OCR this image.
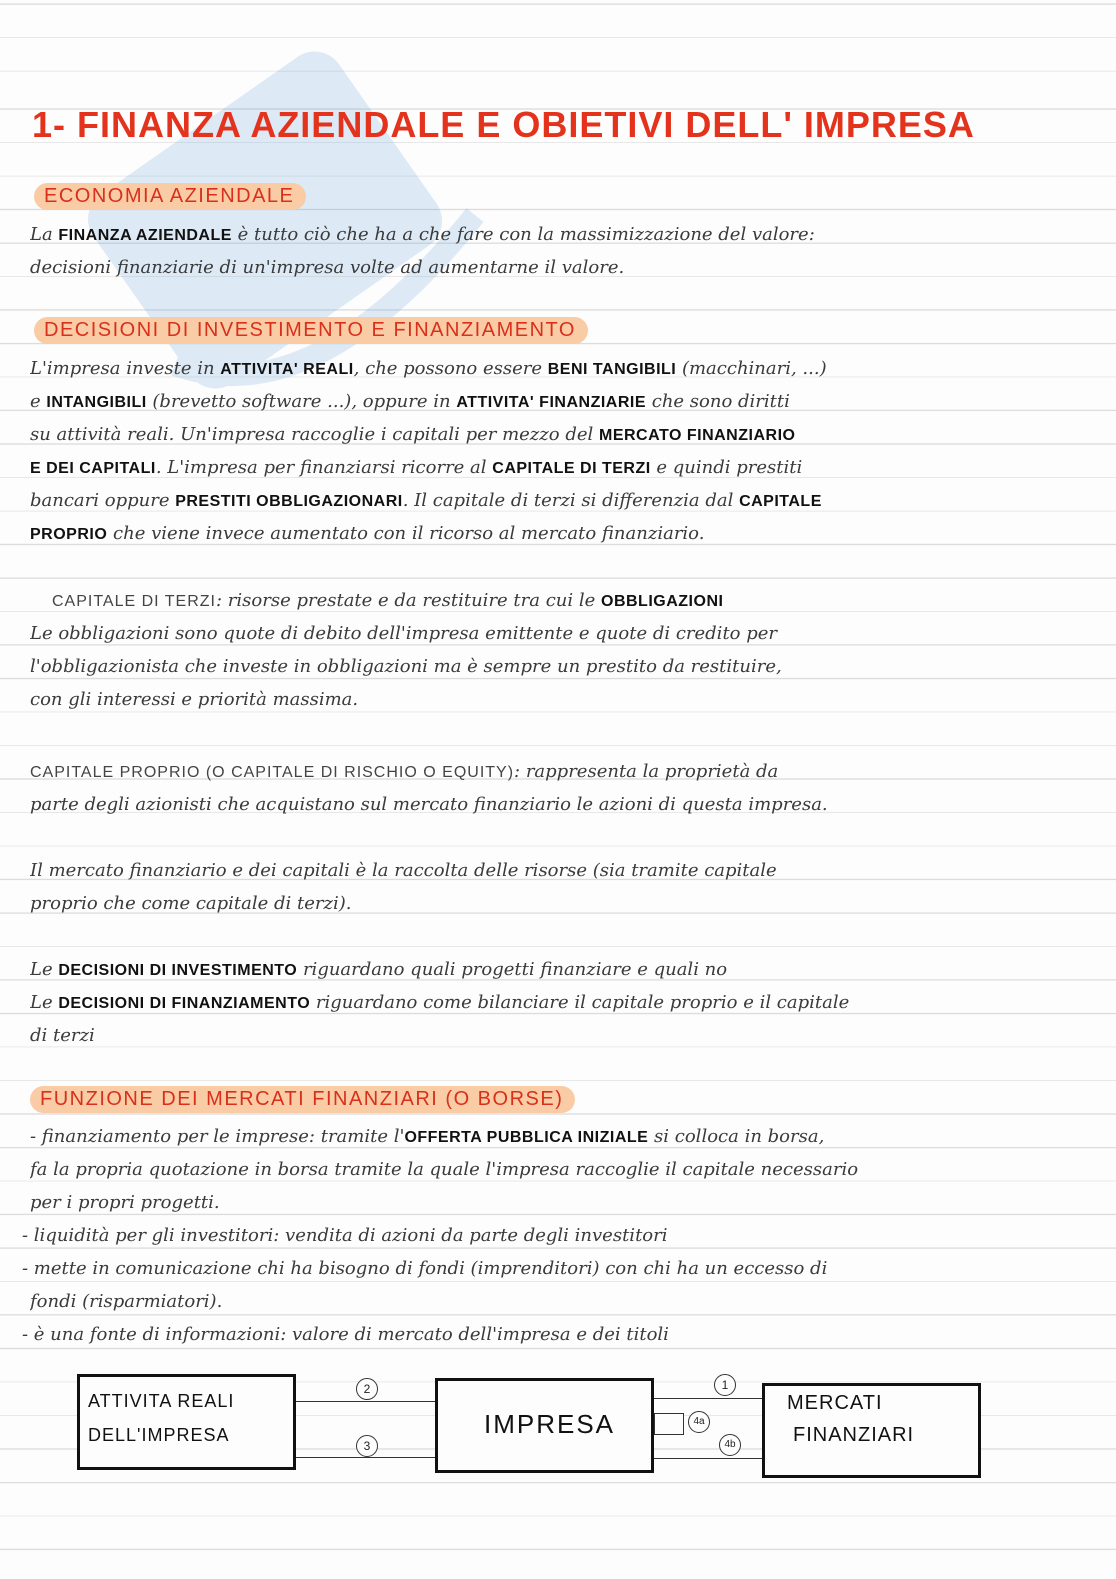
1- FINANZA AZIENDALE E OBIETIVI DELL' IMPRESA
ECONOMIA AZIENDALE
La FINANZA AZIENDALE è tutto ciò che ha a che fare con la massimizzazione del valore:
decisioni finanziarie di un'impresa volte ad aumentarne il valore.
DECISIONI DI INVESTIMENTO E FINANZIAMENTO
L'impresa investe in ATTIVITA' REALI, che possono essere BENI TANGIBILI (macchinari, ...)
e INTANGIBILI (brevetto software ...), oppure in ATTIVITA' FINANZIARIE che sono diritti
su attività reali. Un'impresa raccoglie i capitali per mezzo del MERCATO FINANZIARIO
E DEI CAPITALI. L'impresa per finanziarsi ricorre al CAPITALE DI TERZI e quindi prestiti
bancari oppure PRESTITI OBBLIGAZIONARI. Il capitale di terzi si differenzia dal CAPITALE
PROPRIO che viene invece aumentato con il ricorso al mercato finanziario.
CAPITALE DI TERZI: risorse prestate e da restituire tra cui le OBBLIGAZIONI
Le obbligazioni sono quote di debito dell'impresa emittente e quote di credito per
l'obbligazionista che investe in obbligazioni ma è sempre un prestito da restituire,
con gli interessi e priorità massima.
CAPITALE PROPRIO (O CAPITALE DI RISCHIO O EQUITY): rappresenta la proprietà da
parte degli azionisti che acquistano sul mercato finanziario le azioni di questa impresa.
Il mercato finanziario e dei capitali è la raccolta delle risorse (sia tramite capitale
proprio che come capitale di terzi).
Le DECISIONI DI INVESTIMENTO riguardano quali progetti finanziare e quali no
Le DECISIONI DI FINANZIAMENTO riguardano come bilanciare il capitale proprio e il capitale
di terzi
FUNZIONE DEI MERCATI FINANZIARI (O BORSE)
- finanziamento per le imprese: tramite l'OFFERTA PUBBLICA INIZIALE si colloca in borsa,
fa la propria quotazione in borsa tramite la quale l'impresa raccoglie il capitale necessario
per i propri progetti.
- liquidità per gli investitori: vendita di azioni da parte degli investitori
- mette in comunicazione chi ha bisogno di fondi (imprenditori) con chi ha un eccesso di
fondi (risparmiatori).
- è una fonte di informazioni: valore di mercato dell'impresa e dei titoli
ATTIVITA REALI
DELL'IMPRESA	IMPRESA
MERCATI
FINANZIARI
2
3
1
4a
4b
